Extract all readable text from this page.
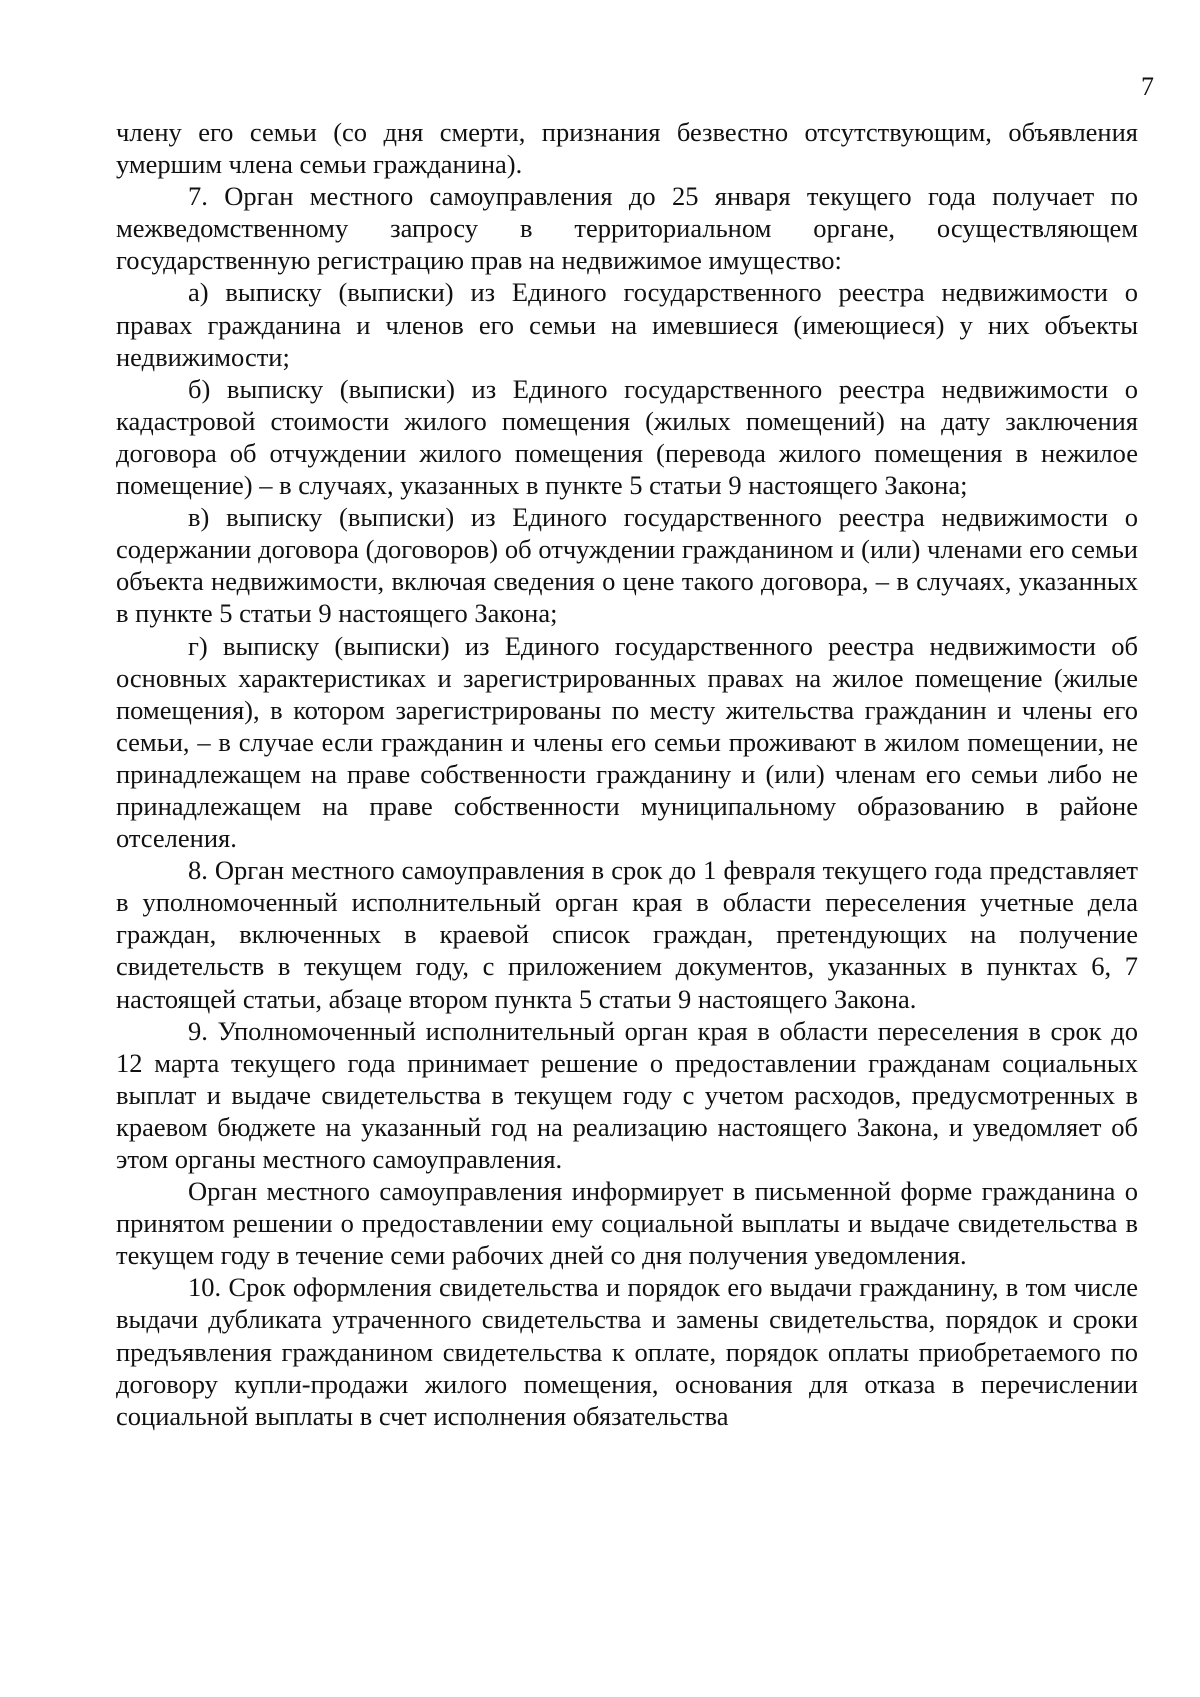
7

члену его семьи (со дня смерти, признания безвестно отсутствующим, объявления умершим члена семьи гражданина).

7. Орган местного самоуправления до 25 января текущего года получает по межведомственному запросу в территориальном органе, осуществляющем государственную регистрацию прав на недвижимое имущество:

а) выписку (выписки) из Единого государственного реестра недвижимости о правах гражданина и членов его семьи на имевшиеся (имеющиеся) у них объекты недвижимости;

б) выписку (выписки) из Единого государственного реестра недвижимости о кадастровой стоимости жилого помещения (жилых помещений) на дату заключения договора об отчуждении жилого помещения (перевода жилого помещения в нежилое помещение) – в случаях, указанных в пункте 5 статьи 9 настоящего Закона;

в) выписку (выписки) из Единого государственного реестра недвижимости о содержании договора (договоров) об отчуждении гражданином и (или) членами его семьи объекта недвижимости, включая сведения о цене такого договора, – в случаях, указанных в пункте 5 статьи 9 настоящего Закона;

г) выписку (выписки) из Единого государственного реестра недвижимости об основных характеристиках и зарегистрированных правах на жилое помещение (жилые помещения), в котором зарегистрированы по месту жительства гражданин и члены его семьи, – в случае если гражданин и члены его семьи проживают в жилом помещении, не принадлежащем на праве собственности гражданину и (или) членам его семьи либо не принадлежащем на праве собственности муниципальному образованию в районе отселения.

8. Орган местного самоуправления в срок до 1 февраля текущего года представляет в уполномоченный исполнительный орган края в области переселения учетные дела граждан, включенных в краевой список граждан, претендующих на получение свидетельств в текущем году, с приложением документов, указанных в пунктах 6, 7 настоящей статьи, абзаце втором пункта 5 статьи 9 настоящего Закона.

9. Уполномоченный исполнительный орган края в области переселения в срок до 12 марта текущего года принимает решение о предоставлении гражданам социальных выплат и выдаче свидетельства в текущем году с учетом расходов, предусмотренных в краевом бюджете на указанный год на реализацию настоящего Закона, и уведомляет об этом органы местного самоуправления.

Орган местного самоуправления информирует в письменной форме гражданина о принятом решении о предоставлении ему социальной выплаты и выдаче свидетельства в текущем году в течение семи рабочих дней со дня получения уведомления.

10. Срок оформления свидетельства и порядок его выдачи гражданину, в том числе выдачи дубликата утраченного свидетельства и замены свидетельства, порядок и сроки предъявления гражданином свидетельства к оплате, порядок оплаты приобретаемого по договору купли-продажи жилого помещения, основания для отказа в перечислении социальной выплаты в счет исполнения обязательства
